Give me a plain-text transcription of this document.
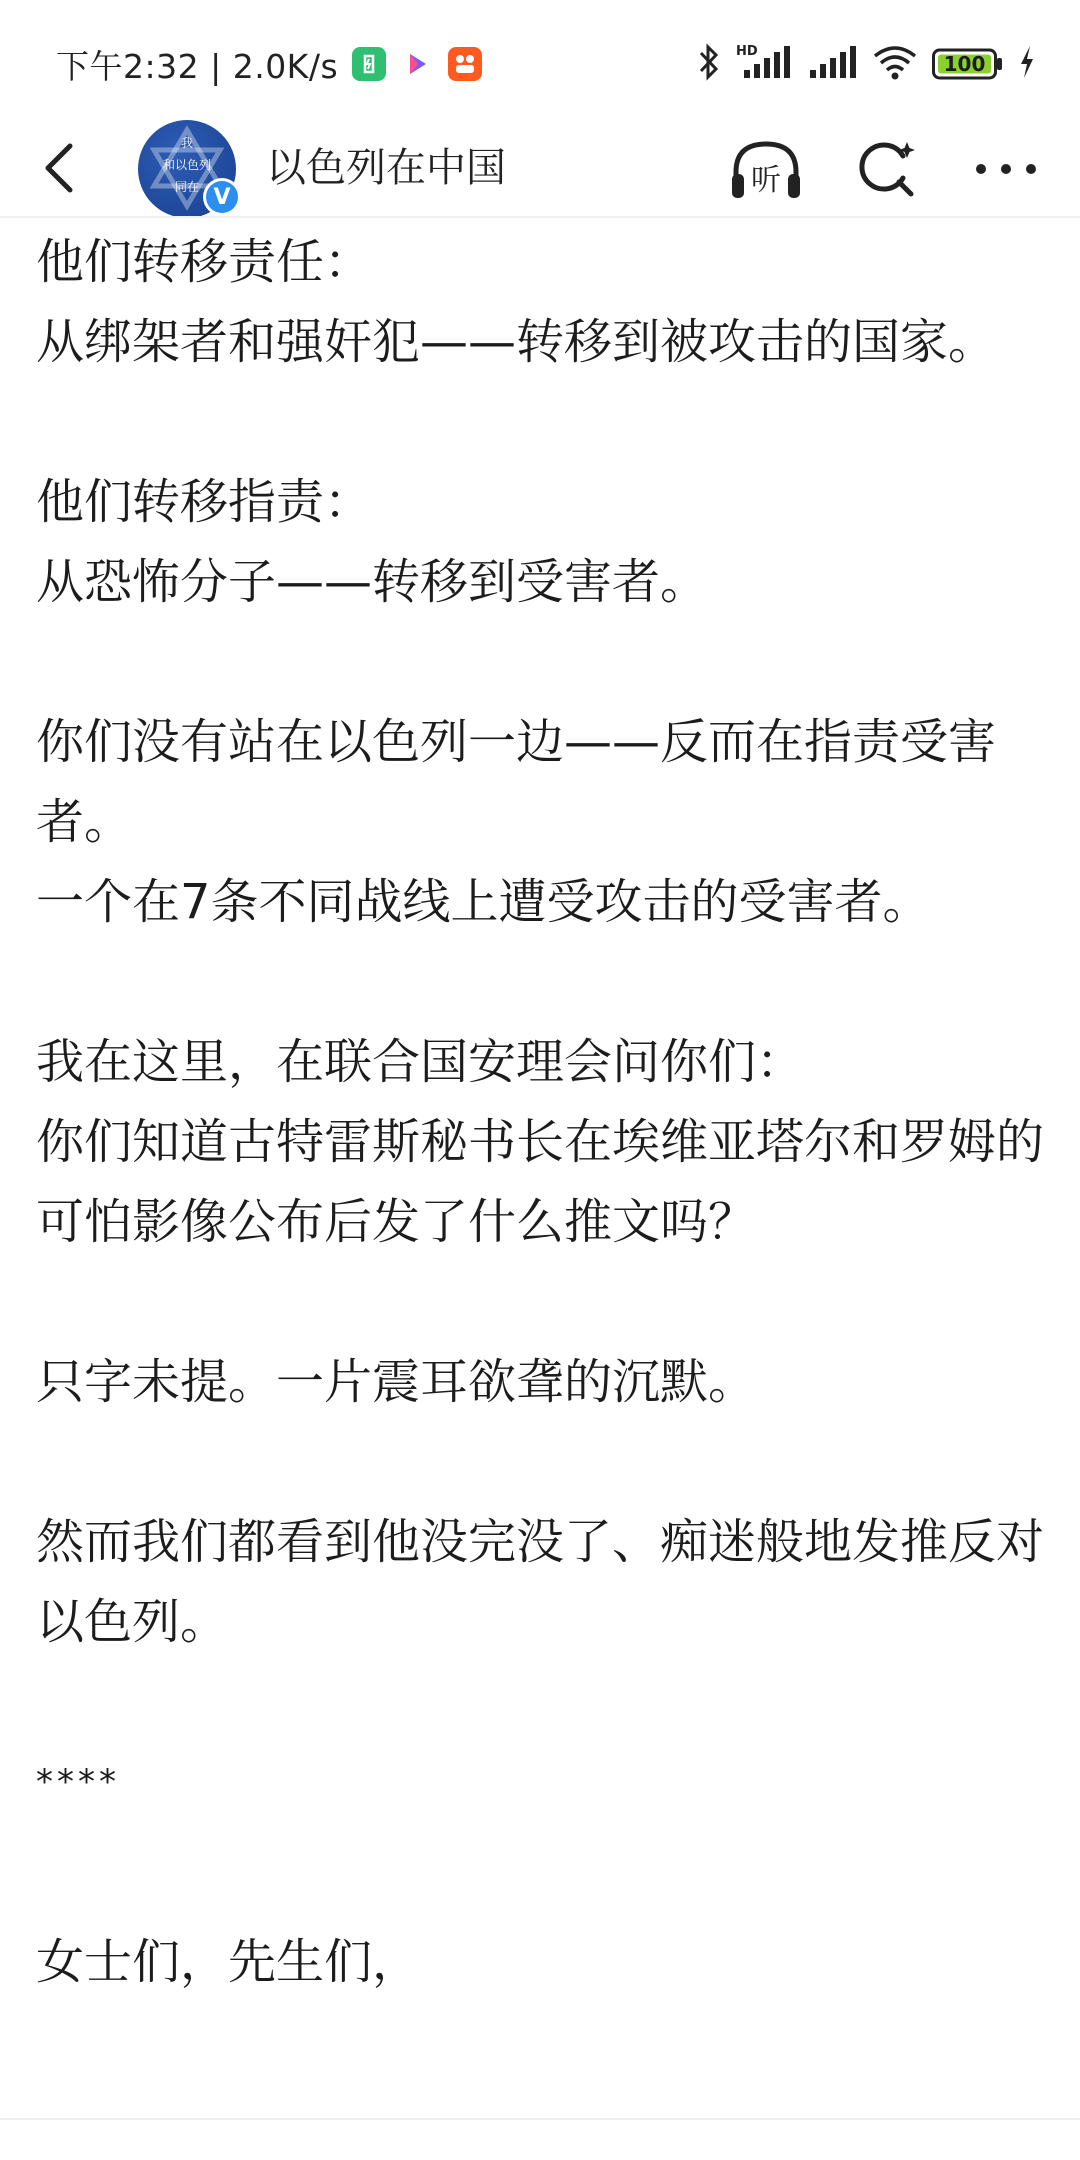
下午2:32 | 2.0K/s	HD
100
我
和以色列
同在 V
以色列在中国	听

他们转移责任：

从绑架者和强奸犯——转移到被攻击的国家。

他们转移指责：

从恐怖分子——转移到受害者。

你们没有站在以色列一边——反而在指责受害者。

一个在7条不同战线上遭受攻击的受害者。

我在这里，在联合国安理会问你们：

你们知道古特雷斯秘书长在埃维亚塔尔和罗姆的可怕影像公布后发了什么推文吗？

只字未提。一片震耳欲聋的沉默。

然而我们都看到他没完没了、痴迷般地发推反对以色列。

****

女士们，先生们，
